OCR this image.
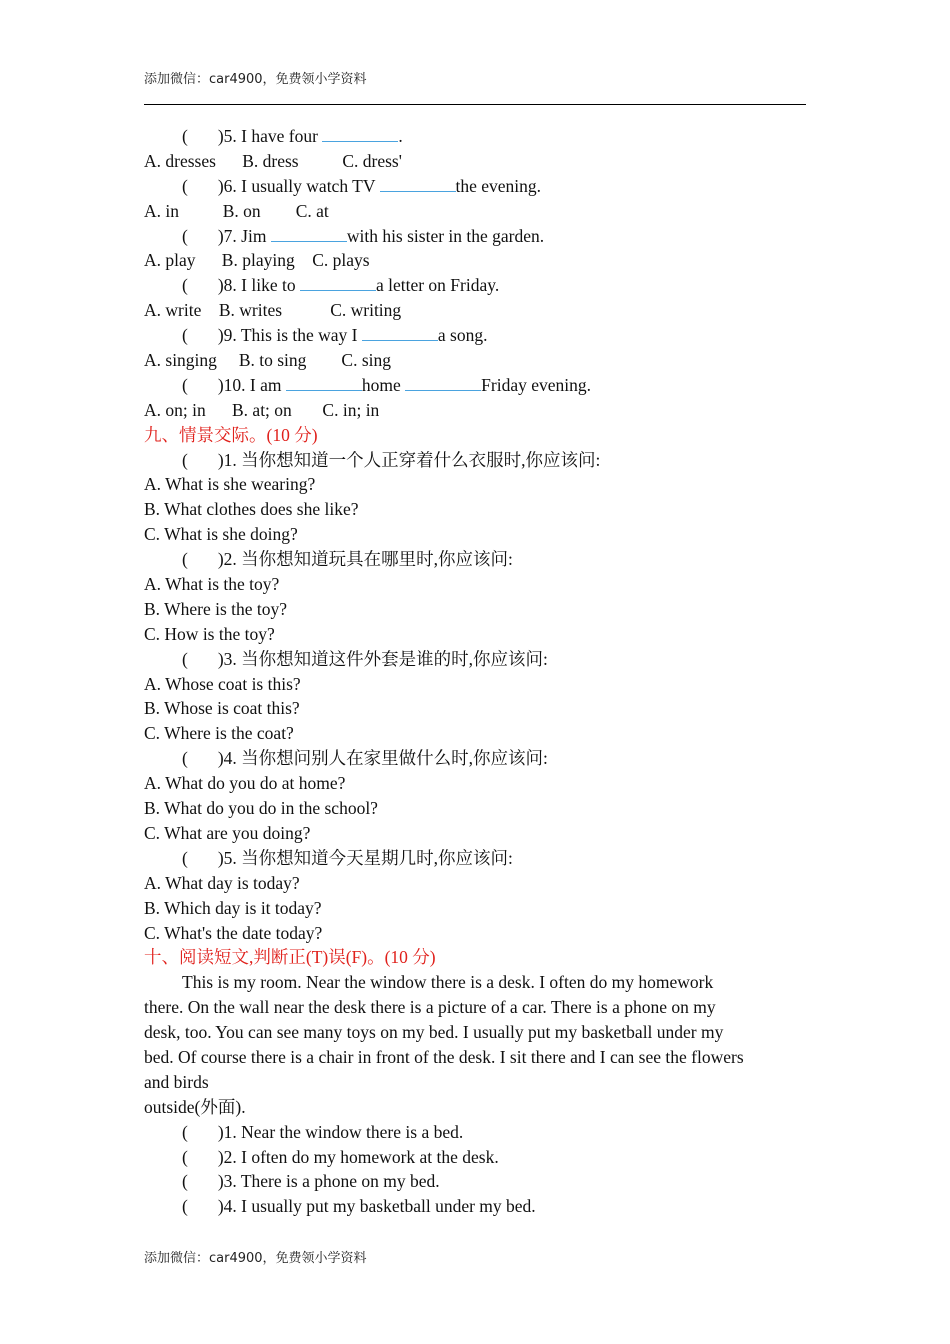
添加微信：car4900，免费领小学资料
( )5. I have four	.
A. dresses B. dress	C. dress'
( )6. I usually watch TV	the evening.
A. in	B. on C. at
( )7. Jim	with his sister in the garden.
A. play B. playing C. plays
( )8. I like to	a letter on Friday.
A. write B. writes	C. writing
( )9. This is the way I	a song.
A. singing B. to sing C. sing
( )10. I am	home	Friday evening.
A. on; in B. at; on C. in; in
九、情景交际。(10 分)
( )1. 当你想知道一个人正穿着什么衣服时,你应该问:
A. What is she wearing?
B. What clothes does she like?
C. What is she doing?
( )2. 当你想知道玩具在哪里时,你应该问:
A. What is the toy?
B. Where is the toy?
C. How is the toy?
( )3. 当你想知道这件外套是谁的时,你应该问:
A. Whose coat is this?
B. Whose is coat this?
C. Where is the coat?
( )4. 当你想问别人在家里做什么时,你应该问:
A. What do you do at home?
B. What do you do in the school?
C. What are you doing?
( )5. 当你想知道今天星期几时,你应该问:
A. What day is today?
B. Which day is it today?
C. What's the date today?
十、阅读短文,判断正(T)误(F)。(10 分)
This is my room. Near the window there is a desk. I often do my homework
there. On the wall near the desk there is a picture of a car. There is a phone on my
desk, too. You can see many toys on my bed. I usually put my basketball under my
bed. Of course there is a chair in front of the desk. I sit there and I can see the flowers
and birds
outside(外面).
( )1. Near the window there is a bed.
( )2. I often do my homework at the desk.
( )3. There is a phone on my bed.
( )4. I usually put my basketball under my bed.
添加微信：car4900，免费领小学资料
